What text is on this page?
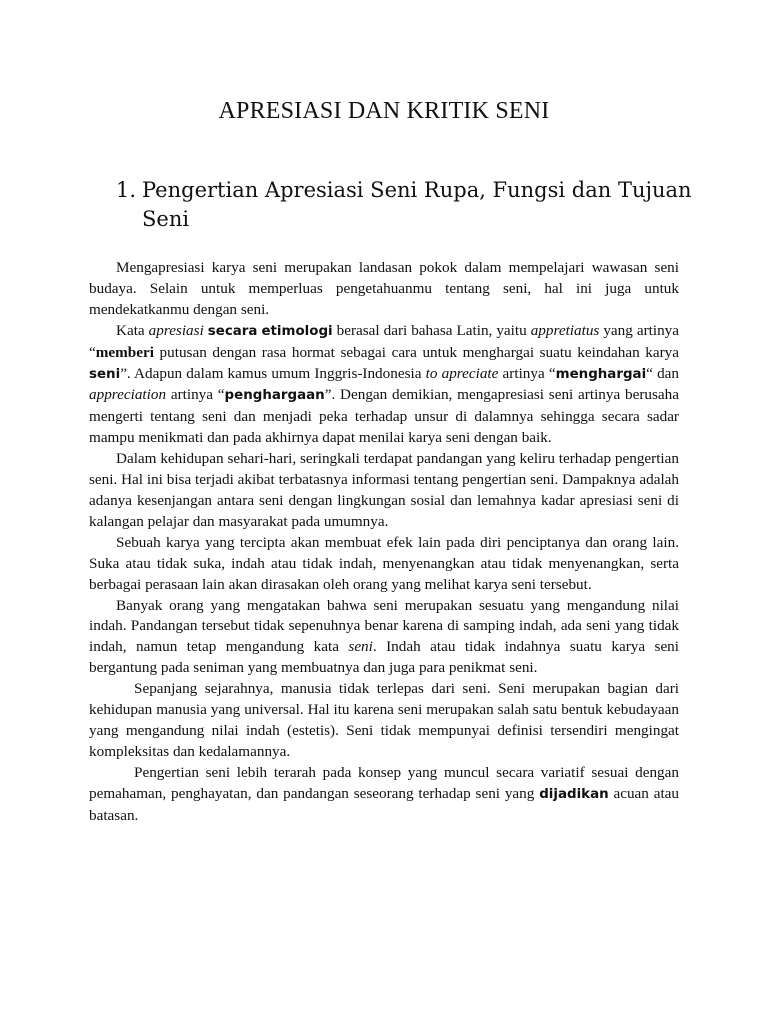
APRESIASI DAN KRITIK SENI
1. Pengertian Apresiasi Seni Rupa, Fungsi dan Tujuan Seni

Mengapresiasi karya seni merupakan landasan pokok dalam mempelajari wawasan seni budaya. Selain untuk memperluas pengetahuanmu tentang seni, hal ini juga untuk mendekatkanmu dengan seni.

Kata apresiasi secara etimologi berasal dari bahasa Latin, yaitu appretiatus yang artinya “memberi putusan dengan rasa hormat sebagai cara untuk menghargai suatu keindahan karya seni”. Adapun dalam kamus umum Inggris-Indonesia to apreciate artinya “menghargai“ dan appreciation artinya “penghargaan”. Dengan demikian, mengapresiasi seni artinya berusaha mengerti tentang seni dan menjadi peka terhadap unsur di dalamnya sehingga secara sadar mampu menikmati dan pada akhirnya dapat menilai karya seni dengan baik.

Dalam kehidupan sehari-hari, seringkali terdapat pandangan yang keliru terhadap pengertian seni. Hal ini bisa terjadi akibat terbatasnya informasi tentang pengertian seni. Dampaknya adalah adanya kesenjangan antara seni dengan lingkungan sosial dan lemahnya kadar apresiasi seni di kalangan pelajar dan masyarakat pada umumnya.

Sebuah karya yang tercipta akan membuat efek lain pada diri penciptanya dan orang lain. Suka atau tidak suka, indah atau tidak indah, menyenangkan atau tidak menyenangkan, serta berbagai perasaan lain akan dirasakan oleh orang yang melihat karya seni tersebut.

Banyak orang yang mengatakan bahwa seni merupakan sesuatu yang mengandung nilai indah. Pandangan tersebut tidak sepenuhnya benar karena di samping indah, ada seni yang tidak indah, namun tetap mengandung kata seni. Indah atau tidak indahnya suatu karya seni bergantung pada seniman yang membuatnya dan juga para penikmat seni.

Sepanjang sejarahnya, manusia tidak terlepas dari seni. Seni merupakan bagian dari kehidupan manusia yang universal. Hal itu karena seni merupakan salah satu bentuk kebudayaan yang mengandung nilai indah (estetis). Seni tidak mempunyai definisi tersendiri mengingat kompleksitas dan kedalamannya.

Pengertian seni lebih terarah pada konsep yang muncul secara variatif sesuai dengan pemahaman, penghayatan, dan pandangan seseorang terhadap seni yang dijadikan acuan atau batasan.
